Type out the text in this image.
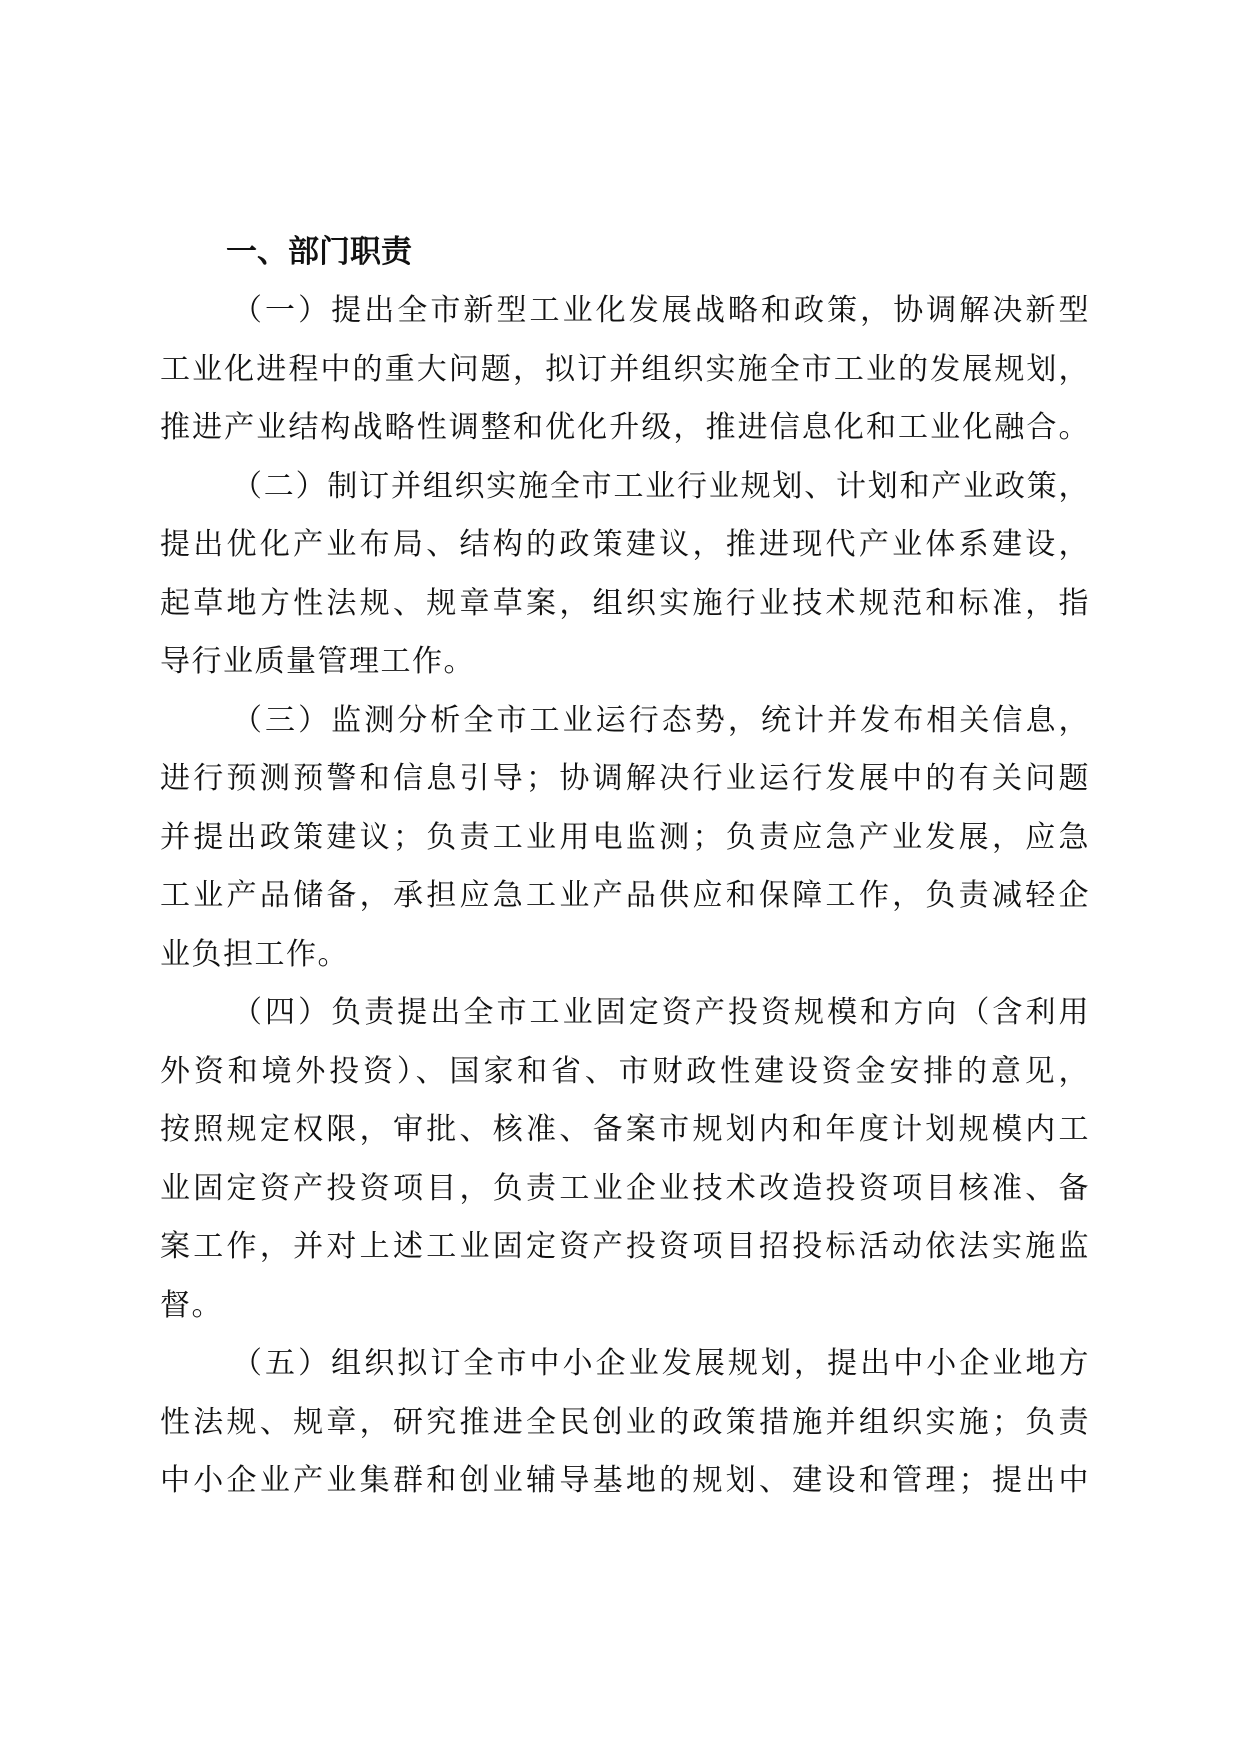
一、部门职责

（一）提出全市新型工业化发展战略和政策，协调解决新型
工业化进程中的重大问题，拟订并组织实施全市工业的发展规划，
推进产业结构战略性调整和优化升级，推进信息化和工业化融合。

（二）制订并组织实施全市工业行业规划、计划和产业政策，
提出优化产业布局、结构的政策建议，推进现代产业体系建设，
起草地方性法规、规章草案，组织实施行业技术规范和标准，指
导行业质量管理工作。

（三）监测分析全市工业运行态势，统计并发布相关信息，
进行预测预警和信息引导；协调解决行业运行发展中的有关问题
并提出政策建议；负责工业用电监测；负责应急产业发展，应急
工业产品储备，承担应急工业产品供应和保障工作，负责减轻企
业负担工作。

（四）负责提出全市工业固定资产投资规模和方向（含利用
外资和境外投资）、国家和省、市财政性建设资金安排的意见，
按照规定权限，审批、核准、备案市规划内和年度计划规模内工
业固定资产投资项目，负责工业企业技术改造投资项目核准、备
案工作，并对上述工业固定资产投资项目招投标活动依法实施监
督。

（五）组织拟订全市中小企业发展规划，提出中小企业地方
性法规、规章，研究推进全民创业的政策措施并组织实施；负责
中小企业产业集群和创业辅导基地的规划、建设和管理；提出中
